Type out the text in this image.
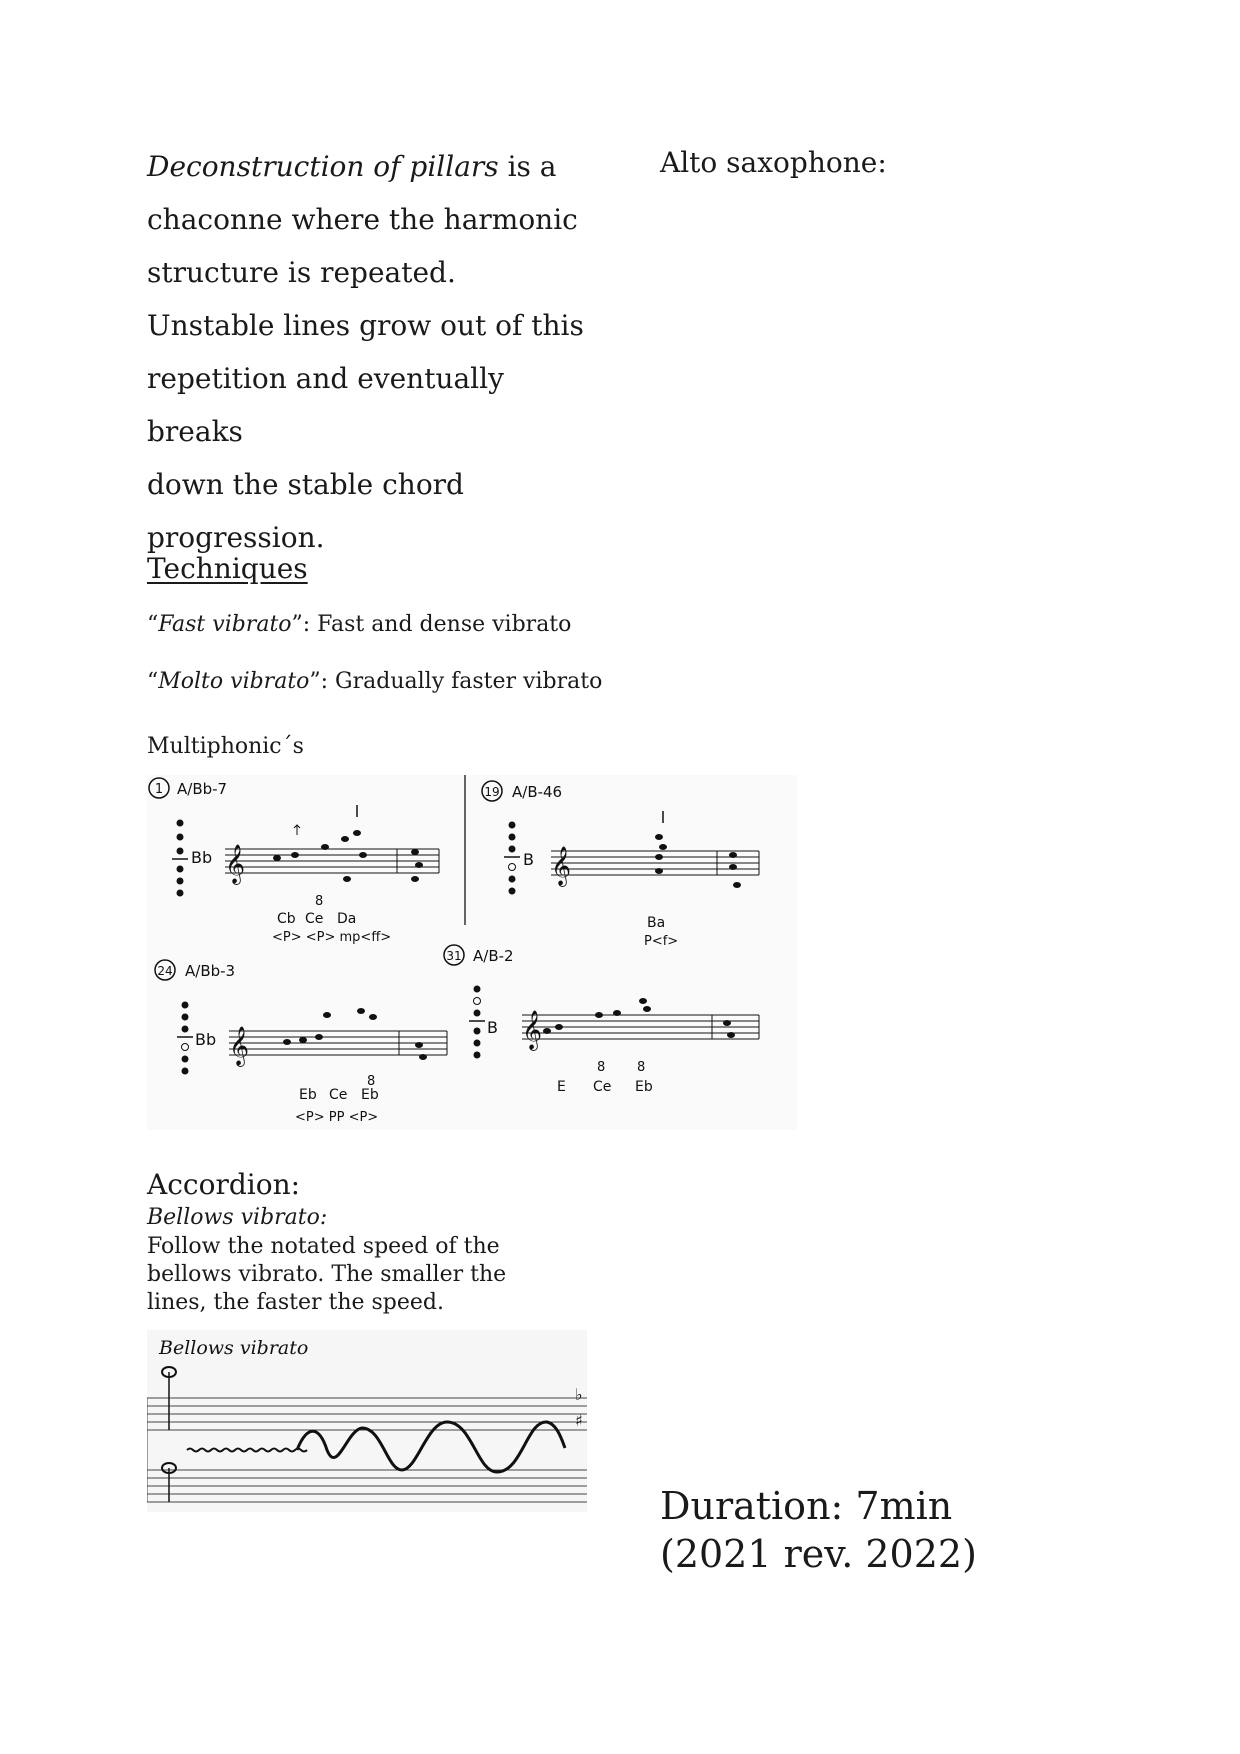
Deconstruction of pillars is a
chaconne where the harmonic
structure is repeated.
Unstable lines grow out of this
repetition and eventually breaks
down the stable chord
progression.
Alto saxophone:
Techniques
“Fast vibrato”: Fast and dense vibrato
“Molto vibrato”: Gradually faster vibrato
Multiphonic´s
1 A/Bb-7
Bb 𝄞
8
Cb Ce Da
<P> <P> mp<ff>
19 A/B-46
B 𝄞
Ba
P<f>
24 A/Bb-3
Bb 𝄞
8
Eb Ce Eb
<P> PP <P>
31 A/B-2
B 𝄞
8 8
E Ce Eb
Accordion:
Bellows vibrato:
Follow the notated speed of the bellows vibrato. The smaller the lines, the faster the speed.
Bellows vibrato
♭
♯
Duration: 7min
(2021 rev. 2022)
